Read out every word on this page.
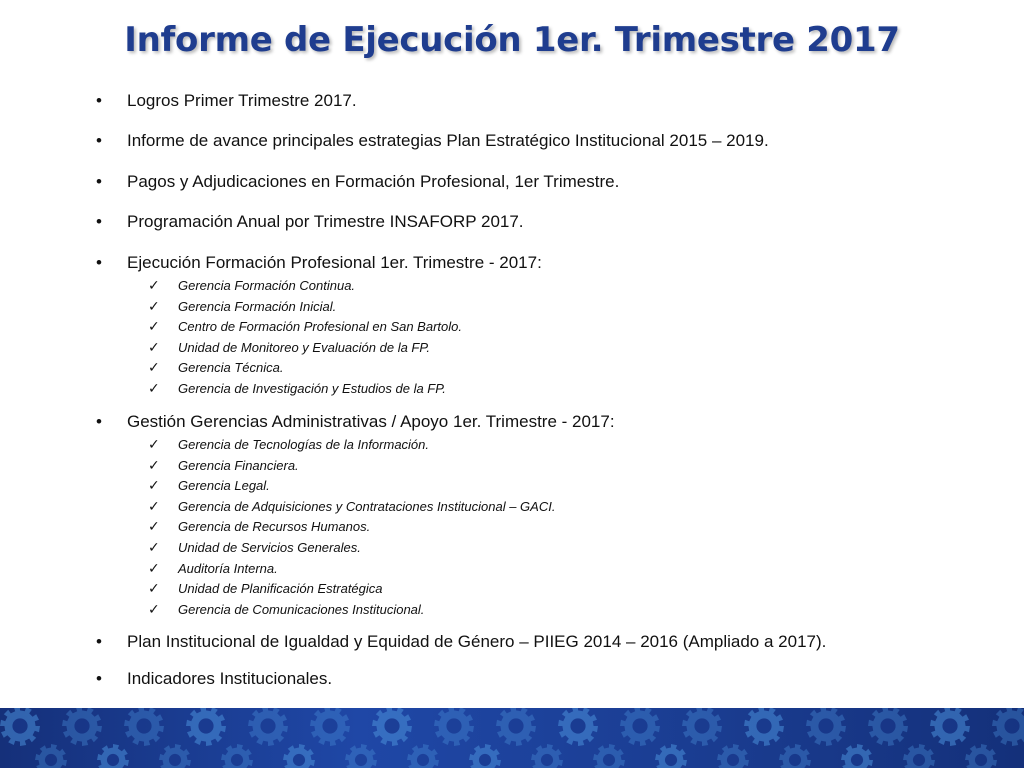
Informe de Ejecución 1er. Trimestre 2017
• Logros Primer Trimestre 2017.
• Informe de avance principales estrategias Plan Estratégico Institucional 2015 – 2019.
• Pagos y Adjudicaciones en Formación Profesional, 1er Trimestre.
• Programación Anual por Trimestre INSAFORP 2017.
• Ejecución Formación Profesional 1er. Trimestre - 2017:
✓ Gerencia Formación Continua.
✓ Gerencia Formación Inicial.
✓ Centro de Formación Profesional en San Bartolo.
✓ Unidad de Monitoreo y Evaluación de la FP.
✓ Gerencia Técnica.
✓ Gerencia de Investigación y Estudios de la FP.
• Gestión Gerencias Administrativas / Apoyo 1er. Trimestre - 2017:
✓ Gerencia de Tecnologías de la Información.
✓ Gerencia Financiera.
✓ Gerencia Legal.
✓ Gerencia de Adquisiciones y Contrataciones Institucional – GACI.
✓ Gerencia de Recursos Humanos.
✓ Unidad de Servicios Generales.
✓ Auditoría Interna.
✓ Unidad de Planificación Estratégica
✓ Gerencia de Comunicaciones Institucional.
• Plan Institucional de Igualdad y Equidad de Género – PIIEG 2014 – 2016 (Ampliado a 2017).
• Indicadores Institucionales.
